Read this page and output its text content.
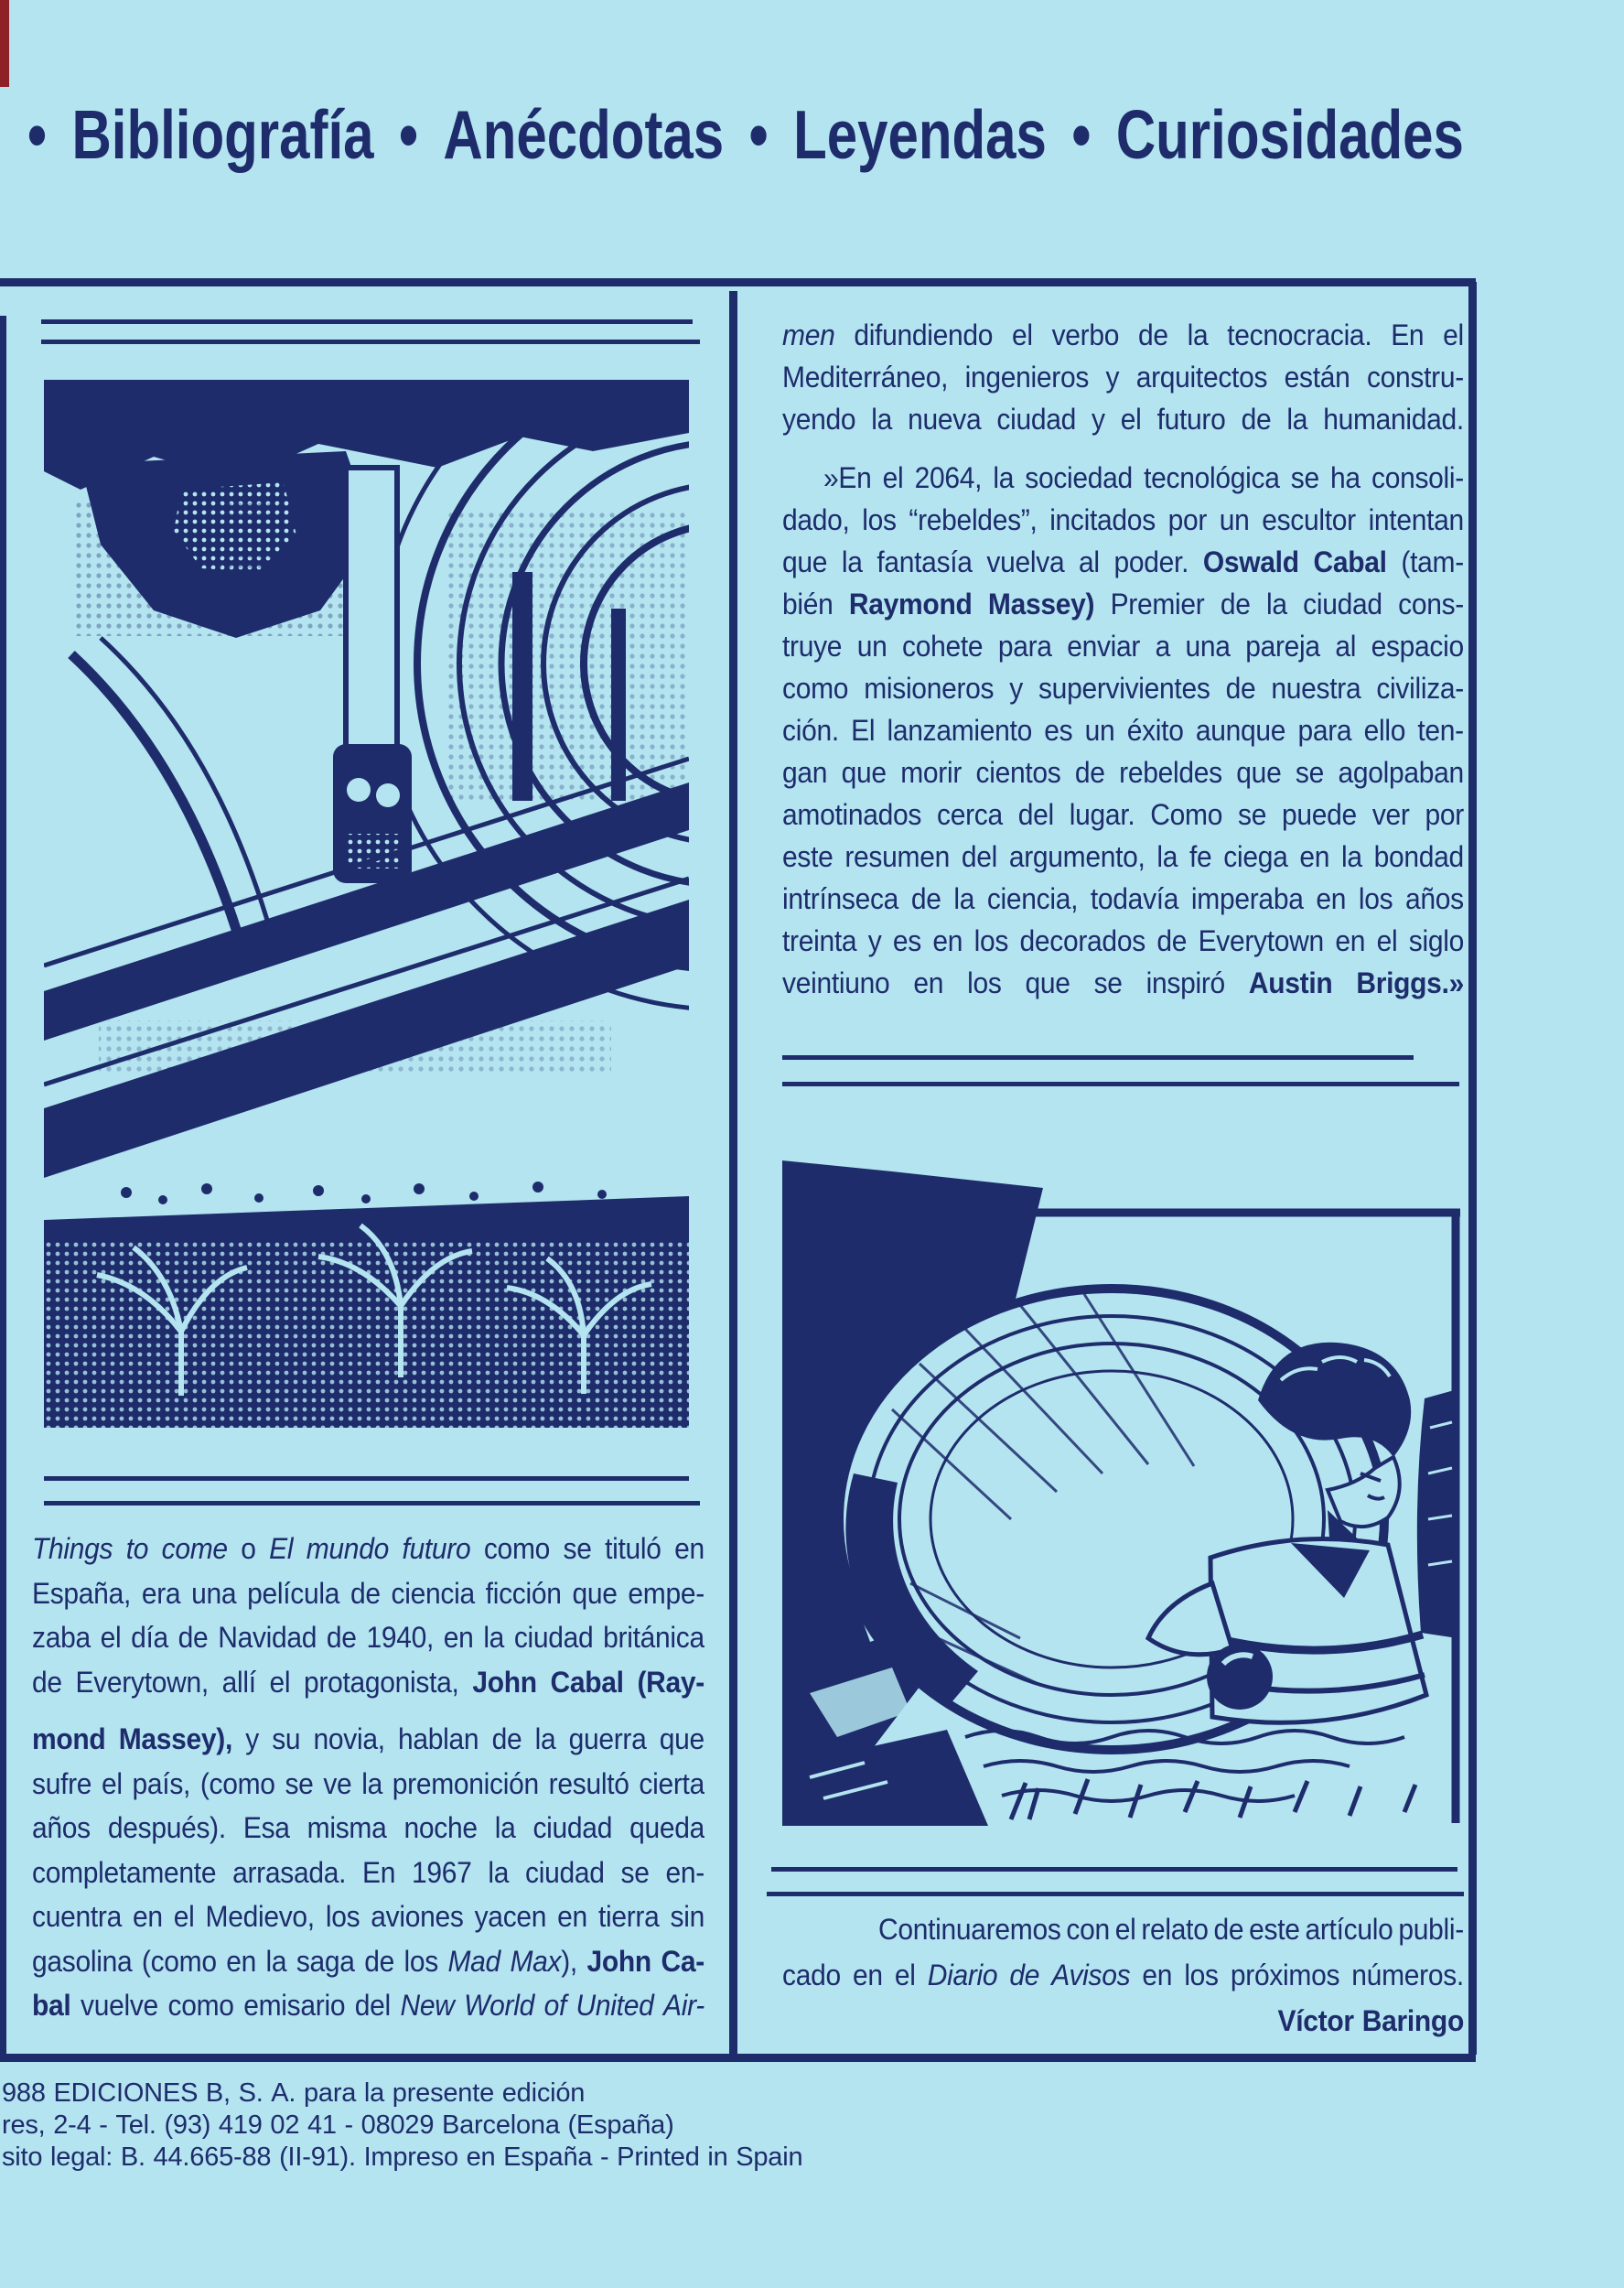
• Bibliografía • Anécdotas • Leyendas • Curiosidades
Things to come o El mundo futuro como se tituló en
España, era una película de ciencia ficción que empe-
zaba el día de Navidad de 1940, en la ciudad británica
de Everytown, allí el protagonista, John Cabal (Ray-
mond Massey), y su novia, hablan de la guerra que
sufre el país, (como se ve la premonición resultó cierta
años después). Esa misma noche la ciudad queda
completamente arrasada. En 1967 la ciudad se en-
cuentra en el Medievo, los aviones yacen en tierra sin
gasolina (como en la saga de los Mad Max), John Ca-
bal vuelve como emisario del New World of United Air-
men difundiendo el verbo de la tecnocracia. En el
Mediterráneo, ingenieros y arquitectos están constru-
yendo la nueva ciudad y el futuro de la humanidad.
»En el 2064, la sociedad tecnológica se ha consoli-
dado, los “rebeldes”, incitados por un escultor intentan
que la fantasía vuelva al poder. Oswald Cabal (tam-
bién Raymond Massey) Premier de la ciudad cons-
truye un cohete para enviar a una pareja al espacio
como misioneros y supervivientes de nuestra civiliza-
ción. El lanzamiento es un éxito aunque para ello ten-
gan que morir cientos de rebeldes que se agolpaban
amotinados cerca del lugar. Como se puede ver por
este resumen del argumento, la fe ciega en la bondad
intrínseca de la ciencia, todavía imperaba en los años
treinta y es en los decorados de Everytown en el siglo
veintiuno en los que se inspiró Austin Briggs.»
Continuaremos con el relato de este artículo publi-
cado en el Diario de Avisos en los próximos números.
Víctor Baringo
988 EDICIONES B, S. A. para la presente edición
res, 2-4 - Tel. (93) 419 02 41 - 08029 Barcelona (España)
sito legal: B. 44.665-88 (II-91). Impreso en España - Printed in Spain
